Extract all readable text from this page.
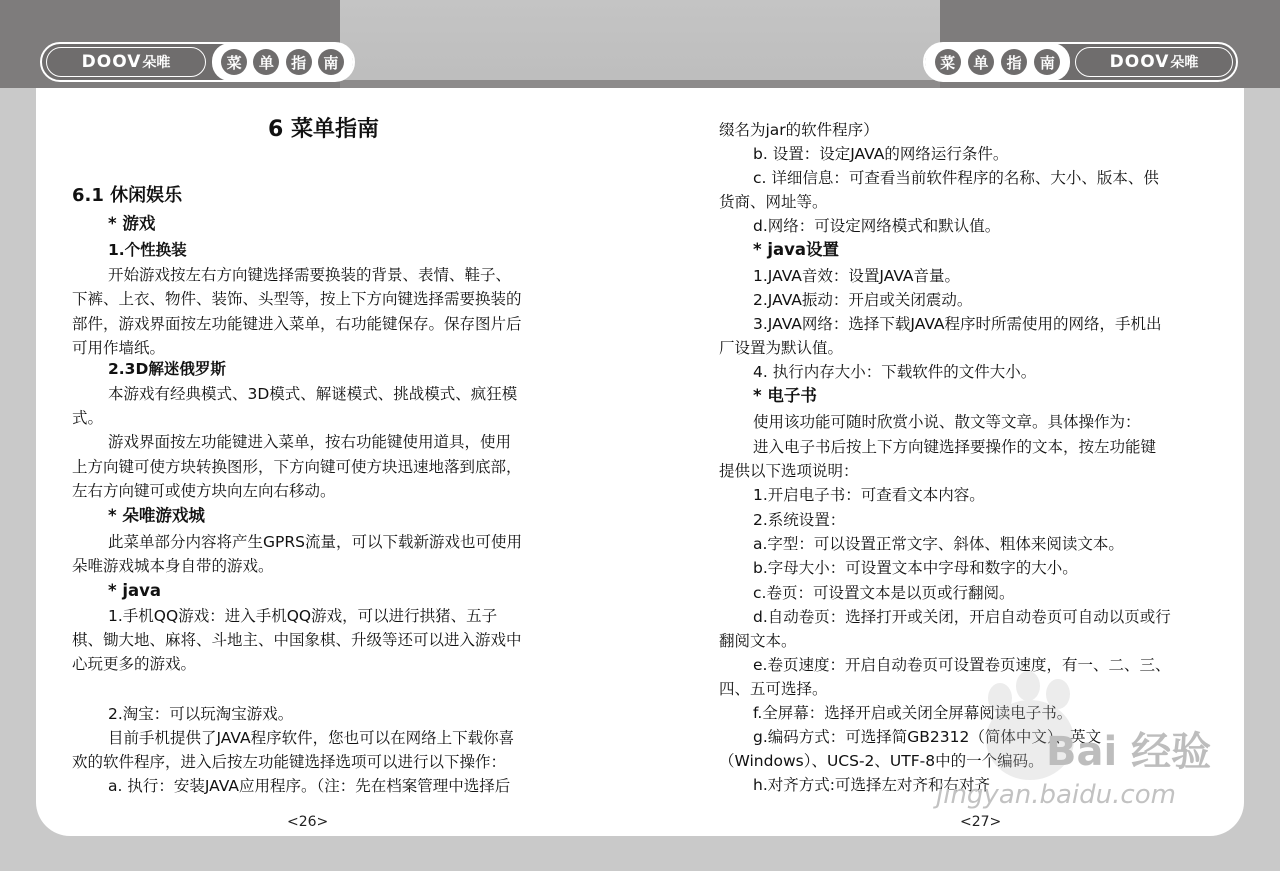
DOOV 朵唯	菜	单	指	南	菜	单	指	南	DOOV 朵唯
6 菜单指南
6.1 休闲娱乐
* 游戏
1.个性换装
开始游戏按左右方向键选择需要换装的背景、表情、鞋子、
下裤、上衣、物件、装饰、头型等，按上下方向键选择需要换装的
部件，游戏界面按左功能键进入菜单，右功能键保存。保存图片后
可用作墙纸。
2.3D解迷俄罗斯
本游戏有经典模式、3D模式、解谜模式、挑战模式、疯狂模
式。
游戏界面按左功能键进入菜单，按右功能键使用道具，使用
上方向键可使方块转换图形，下方向键可使方块迅速地落到底部，
左右方向键可或使方块向左向右移动。
* 朵唯游戏城
此菜单部分内容将产生GPRS流量，可以下载新游戏也可使用
朵唯游戏城本身自带的游戏。
* java
1.手机QQ游戏：进入手机QQ游戏，可以进行拱猪、五子
棋、锄大地、麻将、斗地主、中国象棋、升级等还可以进入游戏中
心玩更多的游戏。
2.淘宝：可以玩淘宝游戏。
目前手机提供了JAVA程序软件，您也可以在网络上下载你喜
欢的软件程序，进入后按左功能键选择选项可以进行以下操作：
a. 执行：安装JAVA应用程序。（注：先在档案管理中选择后
<26>
缀名为jar的软件程序）
b. 设置：设定JAVA的网络运行条件。
c. 详细信息：可查看当前软件程序的名称、大小、版本、供
货商、网址等。
d.网络：可设定网络模式和默认值。
* java设置
1.JAVA音效：设置JAVA音量。
2.JAVA振动：开启或关闭震动。
3.JAVA网络：选择下载JAVA程序时所需使用的网络，手机出
厂设置为默认值。
4. 执行内存大小：下载软件的文件大小。
* 电子书
使用该功能可随时欣赏小说、散文等文章。具体操作为：
进入电子书后按上下方向键选择要操作的文本，按左功能键
提供以下选项说明：
1.开启电子书：可查看文本内容。
2.系统设置：
a.字型：可以设置正常文字、斜体、粗体来阅读文本。
b.字母大小：可设置文本中字母和数字的大小。
c.卷页：可设置文本是以页或行翻阅。
d.自动卷页：选择打开或关闭，开启自动卷页可自动以页或行
翻阅文本。
e.卷页速度：开启自动卷页可设置卷页速度，有一、二、三、
四、五可选择。
f.全屏幕：选择开启或关闭全屏幕阅读电子书。
g.编码方式：可选择简GB2312（简体中文）、英文
（Windows）、UCS-2、UTF-8中的一个编码。
h.对齐方式:可选择左对齐和右对齐
<27>
Bai 经验
jingyan.baidu.com
